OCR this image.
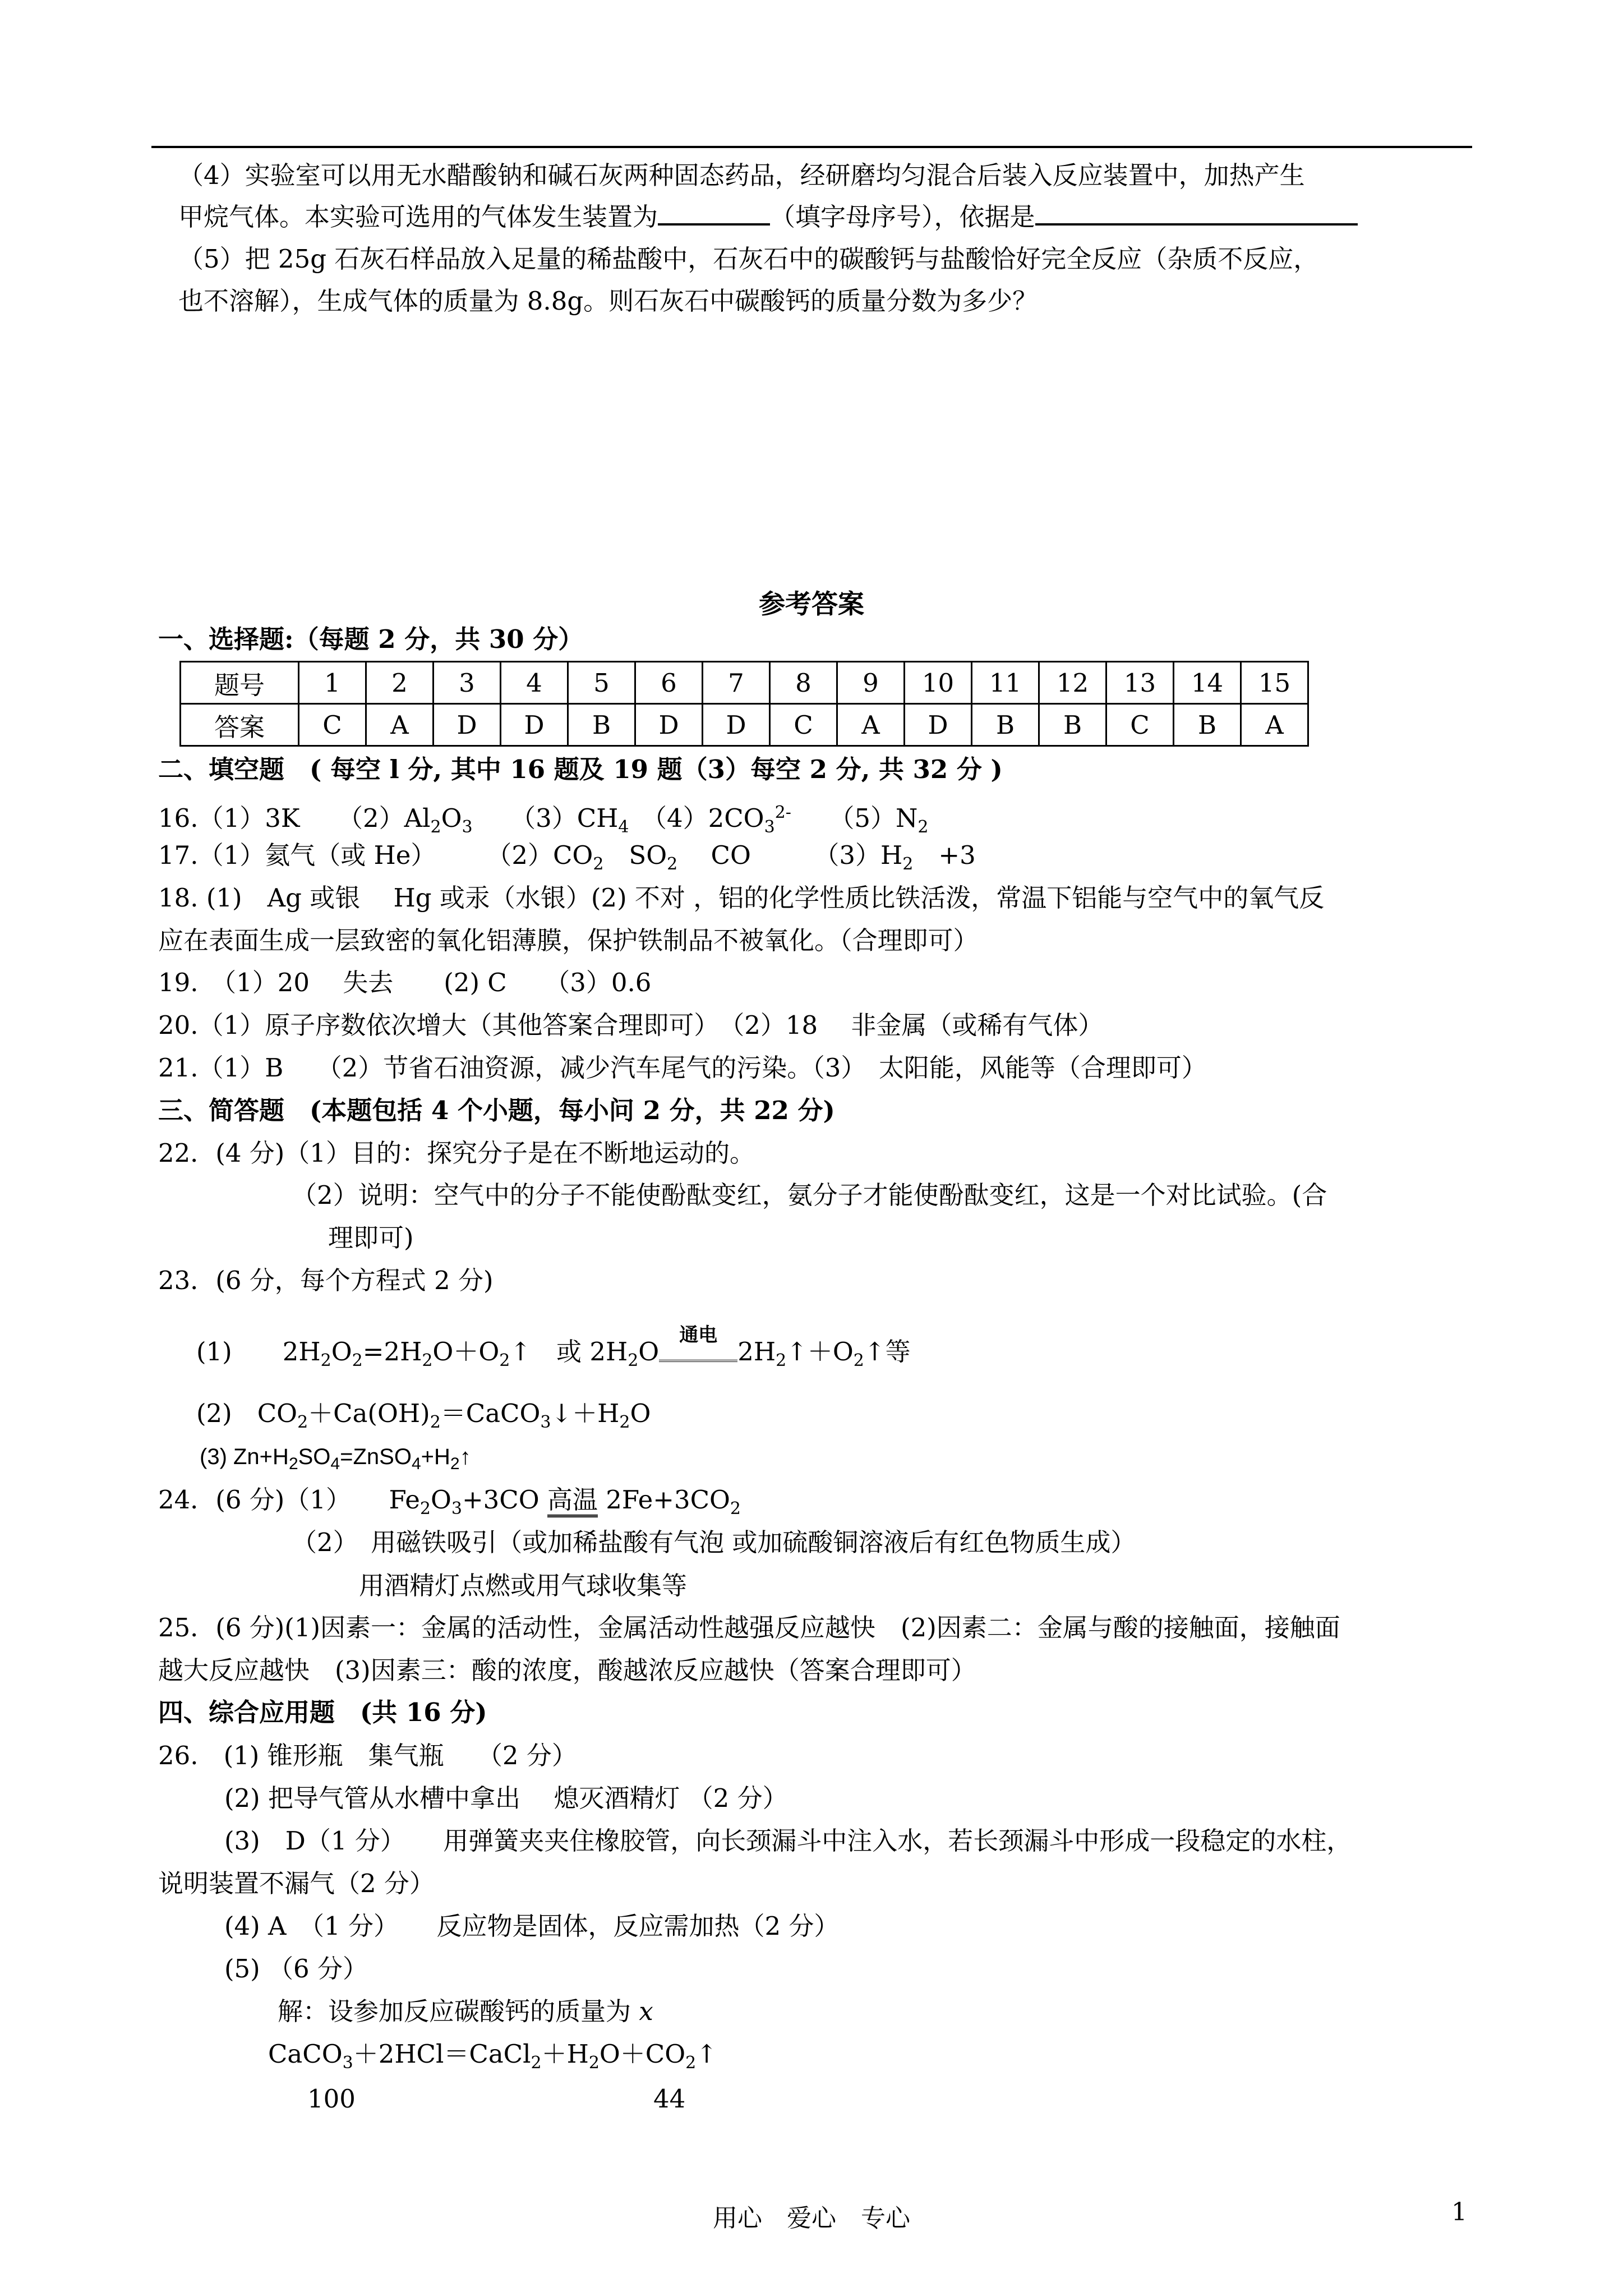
（4）实验室可以用无水醋酸钠和碱石灰两种固态药品，经研磨均匀混合后装入反应装置中，加热产生
甲烷气体。本实验可选用的气体发生装置为	（填字母序号），依据是
（5）把 25g 石灰石样品放入足量的稀盐酸中，石灰石中的碳酸钙与盐酸恰好完全反应（杂质不反应，
也不溶解），生成气体的质量为 8.8g。则石灰石中碳酸钙的质量分数为多少？
参考答案
一、选择题:（每题 2 分，共 30 分）
题号	1	2	3	4	5	6	7	8	9	10	11	12	13	14	15
答案	C	A	D	D	B	D	D	C	A	D	B	B	C	B	A
二、填空题　( 每空 l 分, 其中 16 题及 19 题（3）每空 2 分, 共 32 分 )
16.（1）3K　　$(2)Al_2O_3$　　$(3)CH_4$　$(4)2CO_3^{2-}$　　$(5)N_2$
17.（1）氦气（或 He）　　　$(2)CO_2$　$SO_2$　 CO　　　$(3)H_2$　+3
18. (1)　Ag 或银　 Hg 或汞（水银）(2) 不对 ，铝的化学性质比铁活泼，常温下铝能与空气中的氧气反
应在表面生成一层致密的氧化铝薄膜，保护铁制品不被氧化。（合理即可）
19.　（1）20　 失去　　(2) C　　（3）0.6
20.（1）原子序数依次增大（其他答案合理即可）　（2）18　 非金属（或稀有气体）
21.（1）B　 （2）节省石油资源，减少汽车尾气的污染。（3）　太阳能，风能等（合理即可）
三、简答题　(本题包括 4 个小题，每小问 2 分，共 22 分)
22．(4 分)（1）目的：探究分子是在不断地运动的。
（2）说明：空气中的分子不能使酚酞变红，氨分子才能使酚酞变红，这是一个对比试验。(合
理即可)
23．(6 分，每个方程式 2 分)
(1)　　 $2H_2O_2=2H_2O+O_2↑$　或 $2H_2O$
通电
$2H_2↑+O_2↑$等
(2)　$CO_2+Ca(OH)_2=CaCO_3↓+H_2O$
(3) $Zn+H_2SO_4=ZnSO_4+H_2↑$
24．(6 分)（1）　　$Fe_2O_3+3CO$ 高温 $2Fe+3CO_2$
（2）　用磁铁吸引（或加稀盐酸有气泡 或加硫酸铜溶液后有红色物质生成）
用酒精灯点燃或用气球收集等
25．(6 分)(1)因素一：金属的活动性，金属活动性越强反应越快　(2)因素二：金属与酸的接触面，接触面
越大反应越快　(3)因素三：酸的浓度，酸越浓反应越快（答案合理即可）
四、综合应用题　(共 16 分)
26.　(1) 锥形瓶　集气瓶　 （2 分）
(2) 把导气管从水槽中拿出　 熄灭酒精灯 （2 分）
(3)　D（1 分）　　用弹簧夹夹住橡胶管，向长颈漏斗中注入水，若长颈漏斗中形成一段稳定的水柱，
说明装置不漏气（2 分）
(4) A　（1 分）　　反应物是固体，反应需加热（2 分）
(5) （6 分）
解：设参加反应碳酸钙的质量为 x
$CaCO_3+2HCl=CaCl_2+H_2O+CO_2↑$
100	44
用心　爱心　专心	1
